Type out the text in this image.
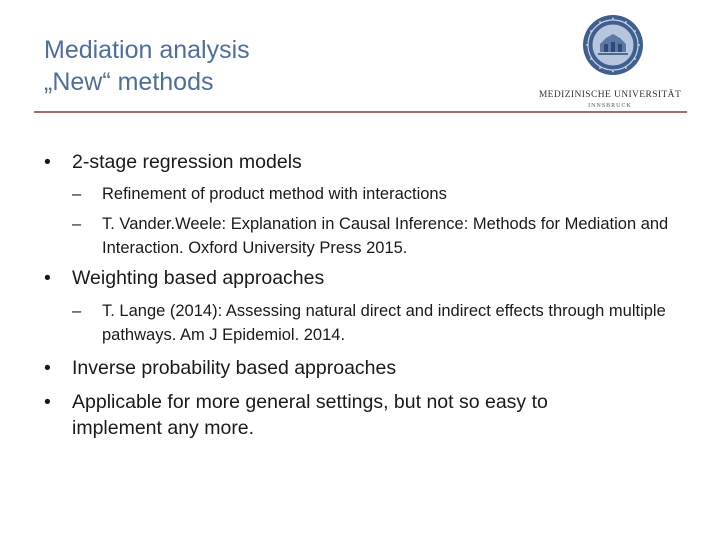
Mediation analysis
„New“ methods	MEDIZINISCHE UNIVERSITÄT
INNSBRUCK
• 2-stage regression models
– Refinement of product method with interactions
– T. Vander.Weele: Explanation in Causal Inference: Methods for Mediation and Interaction. Oxford University Press 2015.
• Weighting based approaches
– T. Lange (2014): Assessing natural direct and indirect effects through multiple pathways. Am J Epidemiol. 2014.
• Inverse probability based approaches
• Applicable for more general settings, but not so easy to implement any more.
